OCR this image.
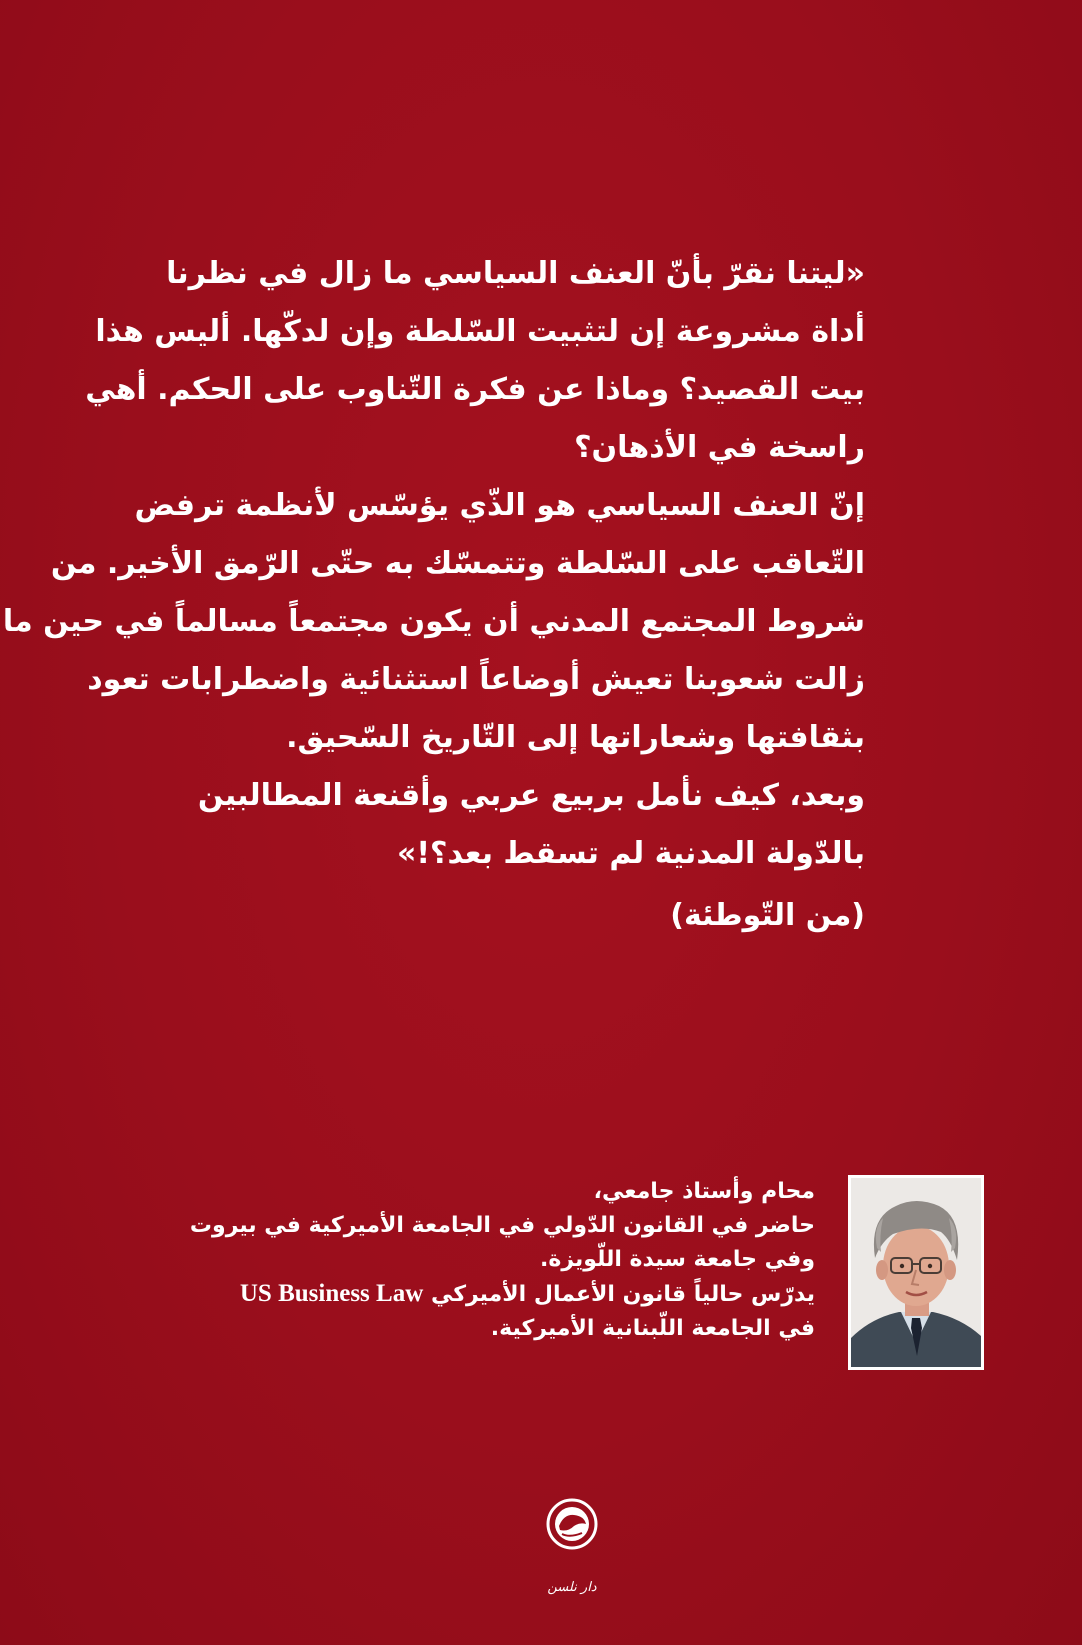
«ليتنا نقرّ بأنّ العنف السياسي ما زال في نظرنا
أداة مشروعة إن لتثبيت السّلطة وإن لدكّها. أليس هذا
بيت القصيد؟ وماذا عن فكرة التّناوب على الحكم. أهي
راسخة في الأذهان؟
إنّ العنف السياسي هو الذّي يؤسّس لأنظمة ترفض
التّعاقب على السّلطة وتتمسّك به حتّى الرّمق الأخير. من
شروط المجتمع المدني أن يكون مجتمعاً مسالماً في حين ما
زالت شعوبنا تعيش أوضاعاً استثنائية واضطرابات تعود
بثقافتها وشعاراتها إلى التّاريخ السّحيق.
وبعد، كيف نأمل بربيع عربي وأقنعة المطالبين
بالدّولة المدنية لم تسقط بعد؟!»
(من التّوطئة)
محام وأستاذ جامعي،
حاضر في القانون الدّولي في الجامعة الأميركية في بيروت
وفي جامعة سيدة اللّويزة.
يدرّس حالياً قانون الأعمال الأميركي US Business Law
في الجامعة اللّبنانية الأميركية.
دار نلسن
